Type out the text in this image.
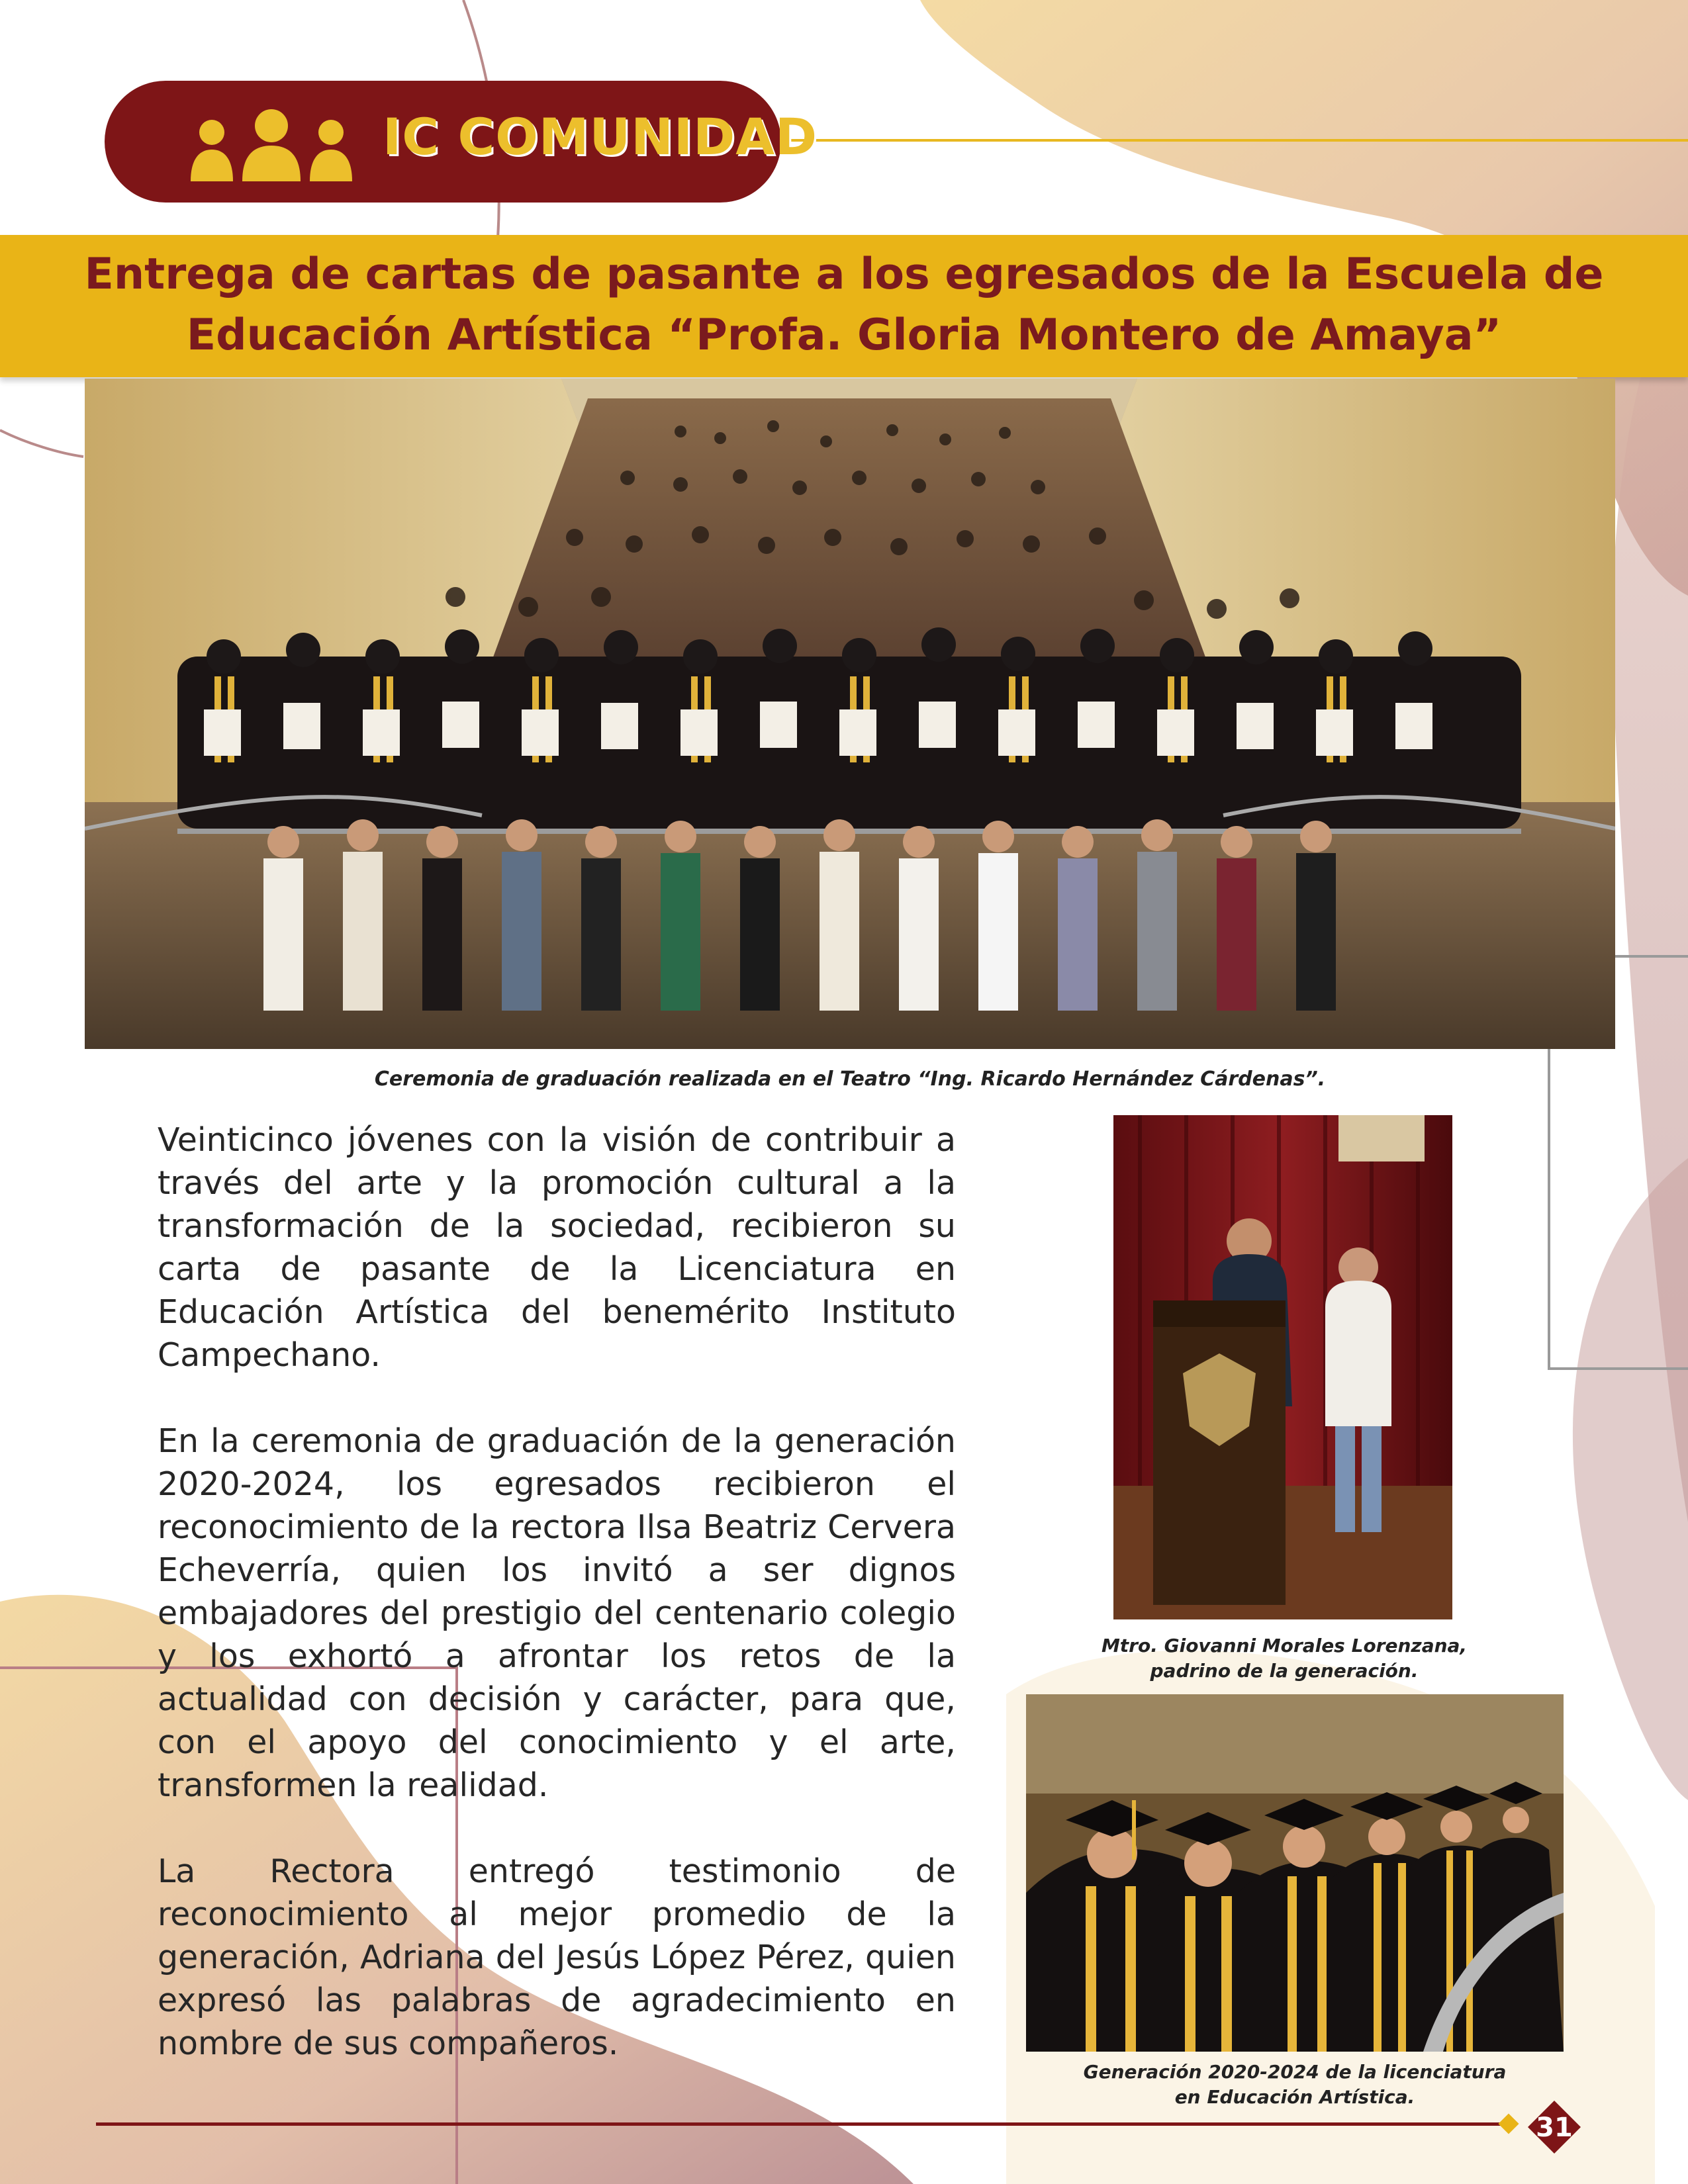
IC COMUNIDAD
Entrega de cartas de pasante a los egresados de la Escuela de
Educación Artística “Profa. Gloria Montero de Amaya”
Ceremonia de graduación realizada en el Teatro “Ing. Ricardo Hernández Cárdenas”.

Veinticinco jóvenes con la visión de contribuir a través del arte y la promoción cultural a la transformación de la sociedad, recibieron su carta de pasante de la Licenciatura en Educación Artística del benemérito Instituto Campechano.

En la ceremonia de graduación de la generación 2020-2024, los egresados recibieron el reconocimiento de la rectora Ilsa Beatriz Cervera Echeverría, quien los invitó a ser dignos embajadores del prestigio del centenario colegio y los exhortó a afrontar los retos de la actualidad con decisión y carácter, para que, con el apoyo del conocimiento y el arte, transformen la realidad.

La Rectora entregó testimonio de reconocimiento al mejor promedio de la generación, Adriana del Jesús López Pérez, quien expresó las palabras de agradecimiento en nombre de sus compañeros.

Mtro. Giovanni Morales Lorenzana,
padrino de la generación.
Generación 2020-2024 de la licenciatura
en Educación Artística.
31
